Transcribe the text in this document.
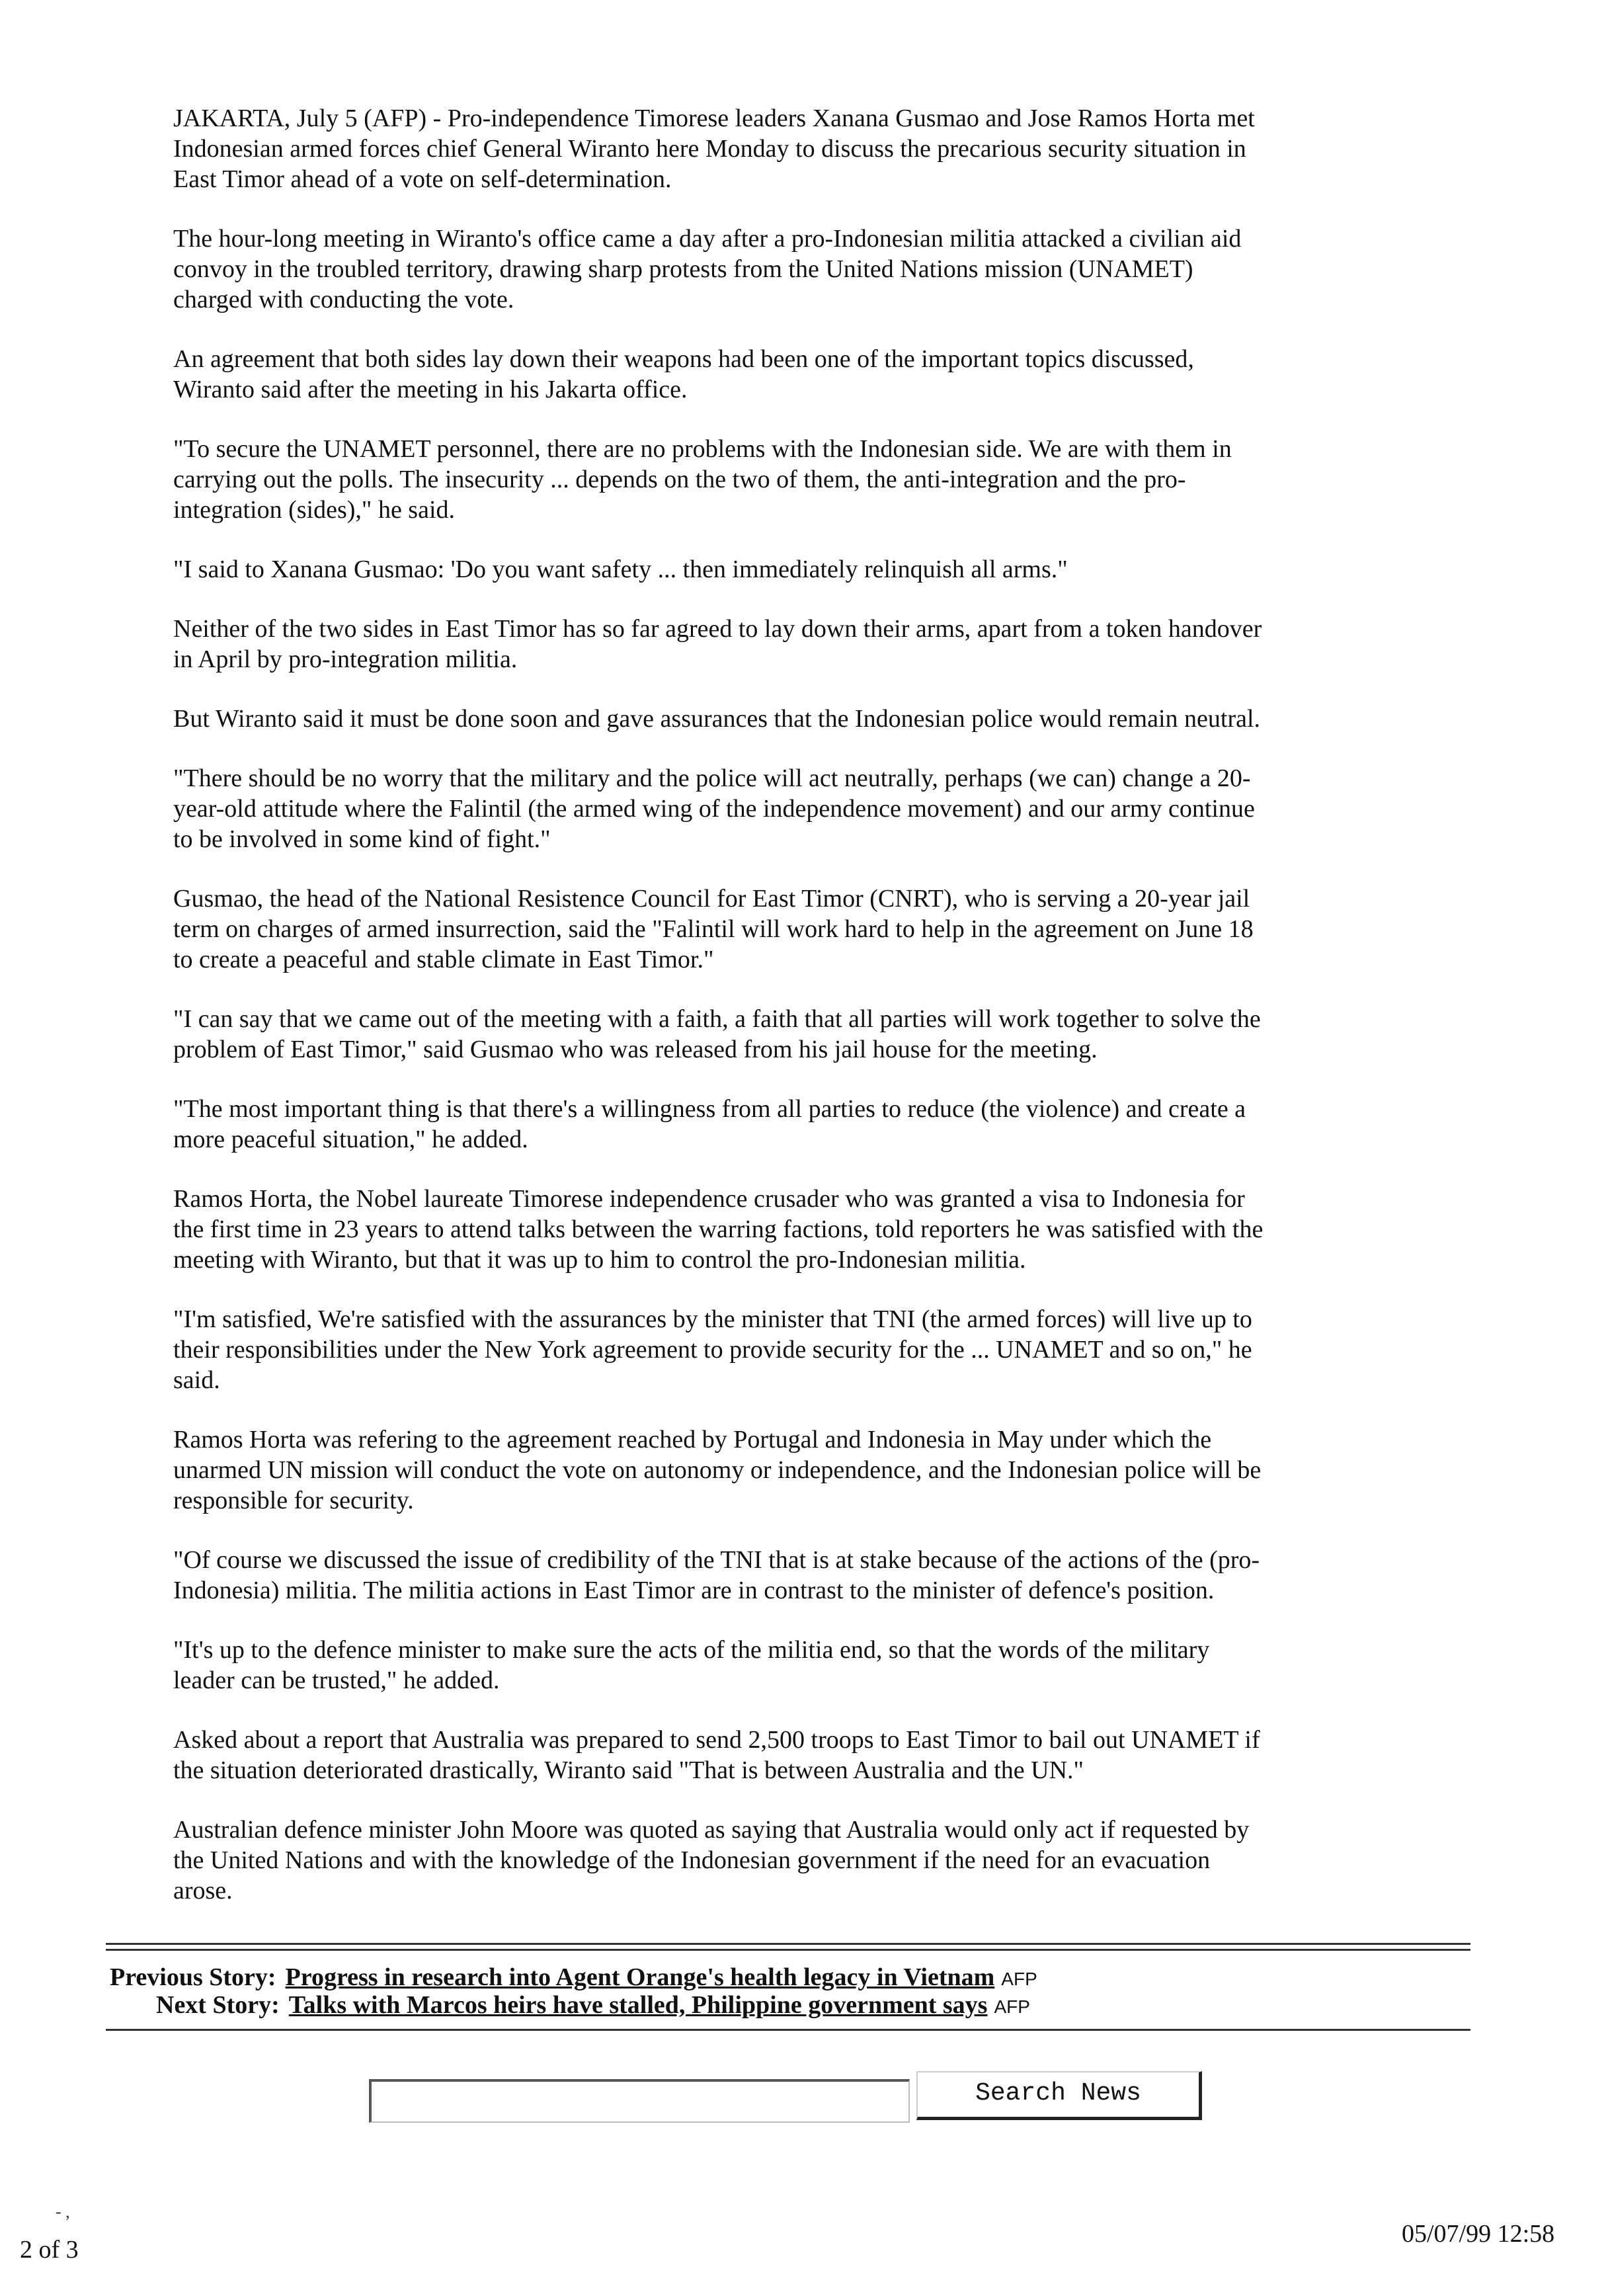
JAKARTA, July 5 (AFP) - Pro-independence Timorese leaders Xanana Gusmao and Jose Ramos Horta met Indonesian armed forces chief General Wiranto here Monday to discuss the precarious security situation in East Timor ahead of a vote on self-determination.

The hour-long meeting in Wiranto's office came a day after a pro-Indonesian militia attacked a civilian aid convoy in the troubled territory, drawing sharp protests from the United Nations mission (UNAMET) charged with conducting the vote.

An agreement that both sides lay down their weapons had been one of the important topics discussed, Wiranto said after the meeting in his Jakarta office.

"To secure the UNAMET personnel, there are no problems with the Indonesian side. We are with them in carrying out the polls. The insecurity ... depends on the two of them, the anti-integration and the pro-integration (sides)," he said.

"I said to Xanana Gusmao: 'Do you want safety ... then immediately relinquish all arms."

Neither of the two sides in East Timor has so far agreed to lay down their arms, apart from a token handover in April by pro-integration militia.

But Wiranto said it must be done soon and gave assurances that the Indonesian police would remain neutral.

"There should be no worry that the military and the police will act neutrally, perhaps (we can) change a 20-year-old attitude where the Falintil (the armed wing of the independence movement) and our army continue to be involved in some kind of fight."

Gusmao, the head of the National Resistence Council for East Timor (CNRT), who is serving a 20-year jail term on charges of armed insurrection, said the "Falintil will work hard to help in the agreement on June 18 to create a peaceful and stable climate in East Timor."

"I can say that we came out of the meeting with a faith, a faith that all parties will work together to solve the problem of East Timor," said Gusmao who was released from his jail house for the meeting.

"The most important thing is that there's a willingness from all parties to reduce (the violence) and create a more peaceful situation," he added.

Ramos Horta, the Nobel laureate Timorese independence crusader who was granted a visa to Indonesia for the first time in 23 years to attend talks between the warring factions, told reporters he was satisfied with the meeting with Wiranto, but that it was up to him to control the pro-Indonesian militia.

"I'm satisfied, We're satisfied with the assurances by the minister that TNI (the armed forces) will live up to their responsibilities under the New York agreement to provide security for the ... UNAMET and so on," he said.

Ramos Horta was refering to the agreement reached by Portugal and Indonesia in May under which the unarmed UN mission will conduct the vote on autonomy or independence, and the Indonesian police will be responsible for security.

"Of course we discussed the issue of credibility of the TNI that is at stake because of the actions of the (pro-Indonesia) militia. The militia actions in East Timor are in contrast to the minister of defence's position.

"It's up to the defence minister to make sure the acts of the militia end, so that the words of the military leader can be trusted," he added.

Asked about a report that Australia was prepared to send 2,500 troops to East Timor to bail out UNAMET if the situation deteriorated drastically, Wiranto said "That is between Australia and the UN."

Australian defence minister John Moore was quoted as saying that Australia would only act if requested by the United Nations and with the knowledge of the Indonesian government if the need for an evacuation arose.

Previous Story: Progress in research into Agent Orange's health legacy in Vietnam AFP
Next Story: Talks with Marcos heirs have stalled, Philippine government says AFP
Search News
- ,
2 of 3
05/07/99 12:58
